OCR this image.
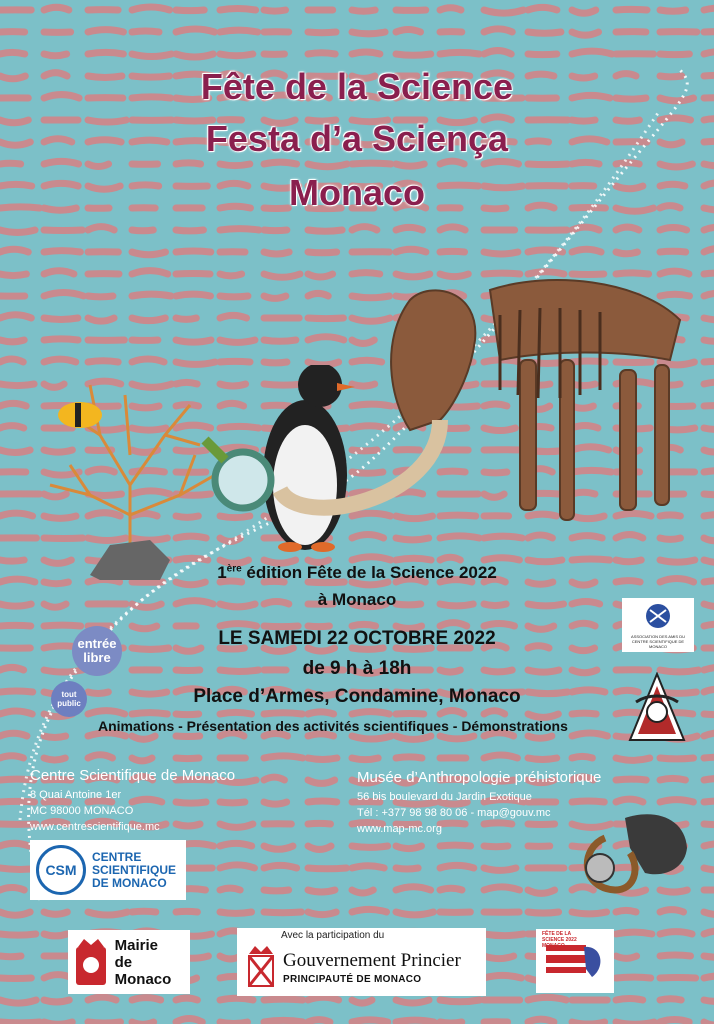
Fête de la Science
Festa d’a Sciença
Monaco
1ère édition Fête de la Science 2022
à Monaco
LE SAMEDI 22 OCTOBRE 2022
de 9 h à 18h
Place d’Armes, Condamine, Monaco
Animations - Présentation des activités scientifiques - Démonstrations
entrée libre
tout public
ASSOCIATION DES AMIS DU CENTRE SCIENTIFIQUE DE MONACO
Centre Scientifique de Monaco
8 Quai Antoine 1er
MC 98000 MONACO
www.centrescientifique.mc
Musée d’Anthropologie préhistorique
56 bis boulevard du Jardin Exotique
Tél : +377 98 98 80 06 - map@gouv.mc
www.map-mc.org
CSM
CENTRE
SCIENTIFIQUE
DE MONACO
Mairie
de Monaco
Avec la participation du
Gouvernement Princier
PRINCIPAUTÉ DE MONACO
FÊTE DE LA SCIENCE 2022 MONACO
